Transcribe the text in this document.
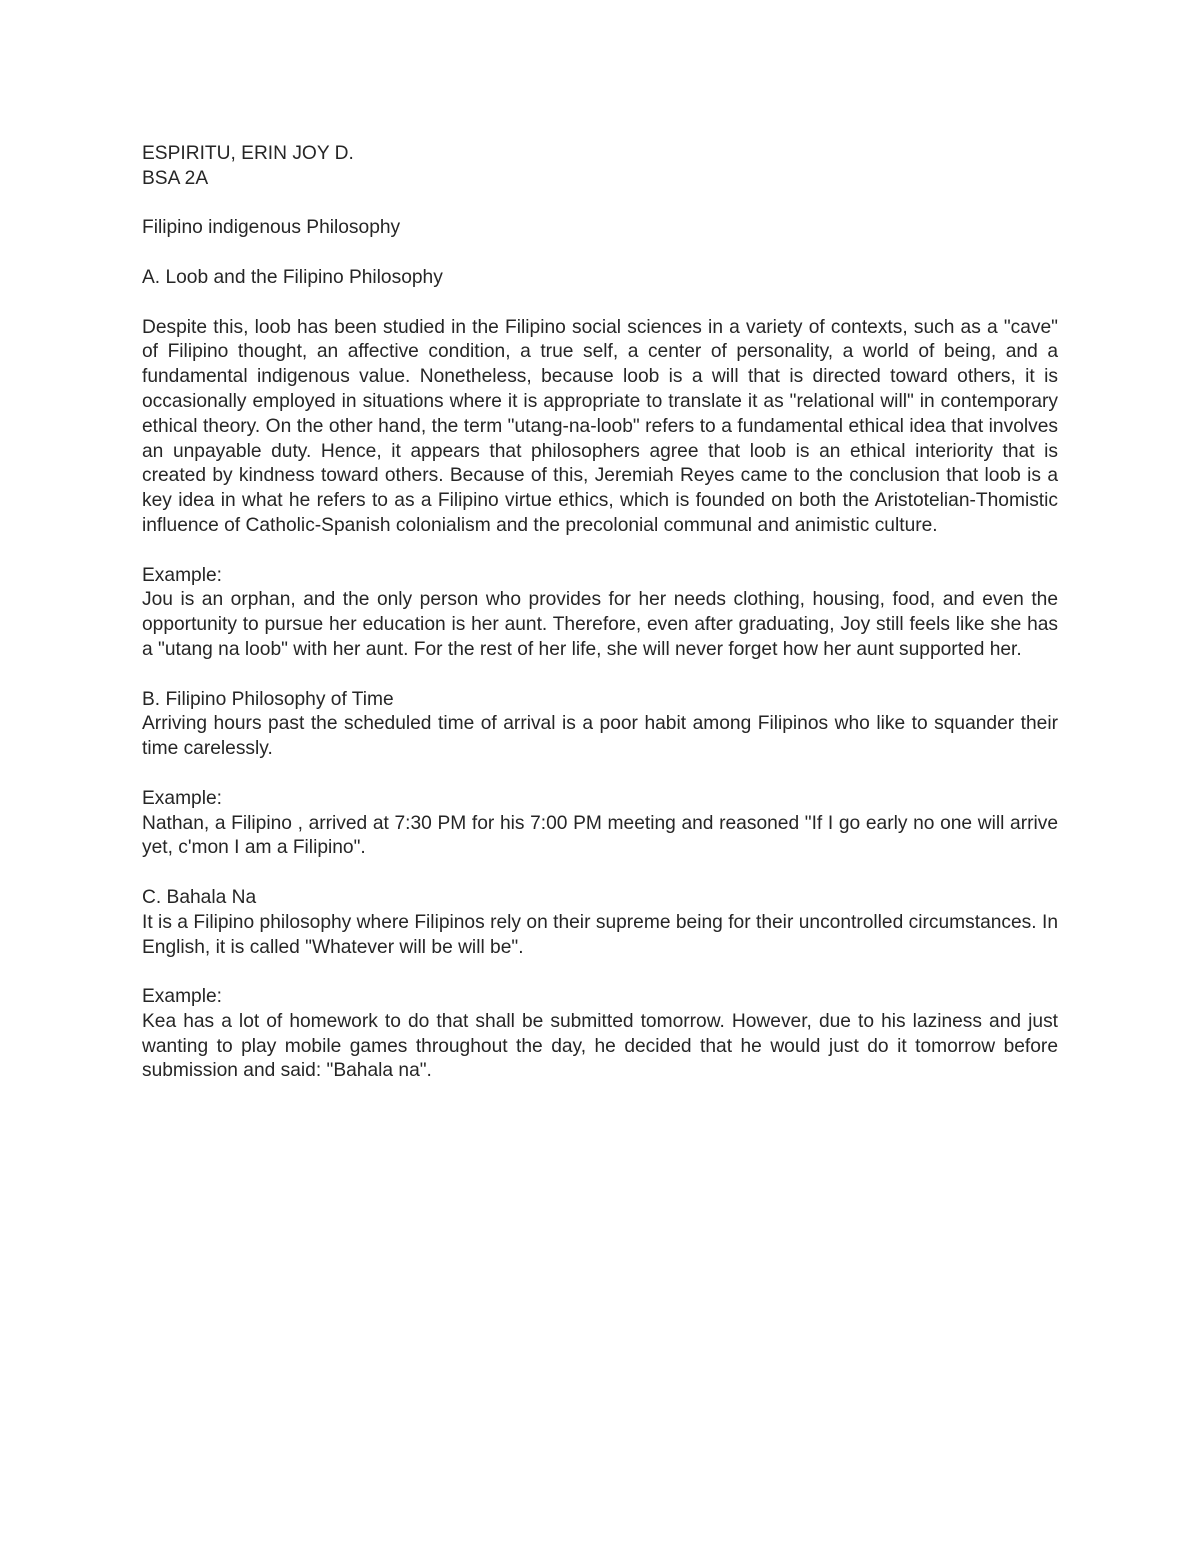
ESPIRITU, ERIN JOY D.

BSA 2A

Filipino indigenous Philosophy

A. Loob and the Filipino Philosophy

Despite this, loob has been studied in the Filipino social sciences in a variety of contexts, such as a "cave" of Filipino thought, an affective condition, a true self, a center of personality, a world of being, and a fundamental indigenous value. Nonetheless, because loob is a will that is directed toward others, it is occasionally employed in situations where it is appropriate to translate it as "relational will" in contemporary ethical theory. On the other hand, the term "utang-na-loob" refers to a fundamental ethical idea that involves an unpayable duty. Hence, it appears that philosophers agree that loob is an ethical interiority that is created by kindness toward others. Because of this, Jeremiah Reyes came to the conclusion that loob is a key idea in what he refers to as a Filipino virtue ethics, which is founded on both the Aristotelian-Thomistic influence of Catholic-Spanish colonialism and the precolonial communal and animistic culture.

Example:

Jou is an orphan, and the only person who provides for her needs clothing, housing, food, and even the opportunity to pursue her education is her aunt. Therefore, even after graduating, Joy still feels like she has a "utang na loob" with her aunt. For the rest of her life, she will never forget how her aunt supported her.

B. Filipino Philosophy of Time

Arriving hours past the scheduled time of arrival is a poor habit among Filipinos who like to squander their time carelessly.

Example:

Nathan, a Filipino , arrived at 7:30 PM for his 7:00 PM meeting and reasoned "If I go early no one will arrive yet, c'mon I am a Filipino".

C. Bahala Na

It is a Filipino philosophy where Filipinos rely on their supreme being for their uncontrolled circumstances. In English, it is called "Whatever will be will be".

Example:

Kea has a lot of homework to do that shall be submitted tomorrow. However, due to his laziness and just wanting to play mobile games throughout the day, he decided that he would just do it tomorrow before submission and said: "Bahala na".
